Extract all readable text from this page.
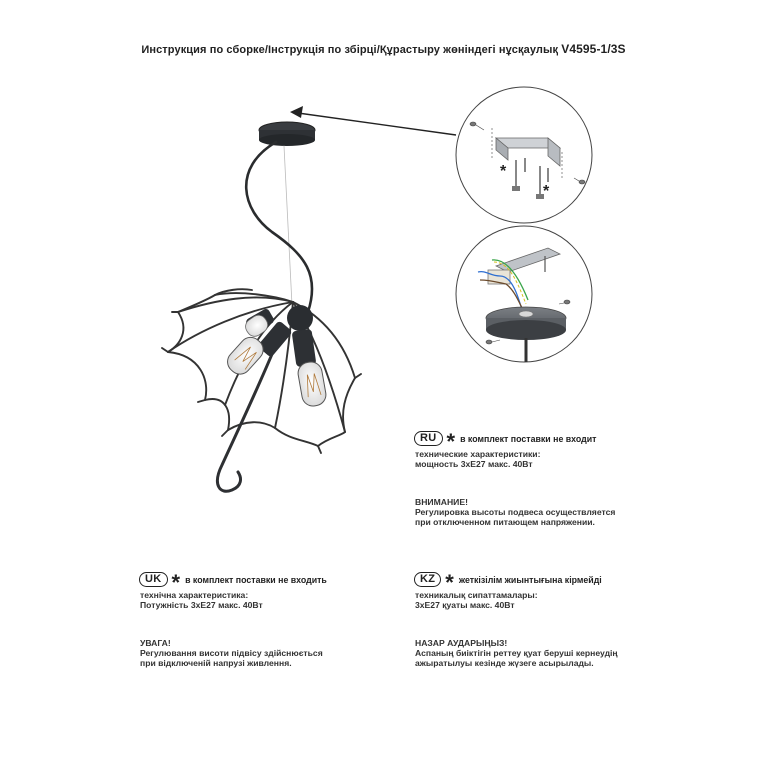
Инструкция по сборке/Інструкція по збірці/Құрастыру жөніндегі нұсқаулық V4595-1/3S
*
*
RU * в комплект поставки не входит
технические характеристики:
мощность 3хЕ27 макс. 40Вт
ВНИМАНИЕ!
Регулировка высоты подвеса осуществляется
при отключенном питающем напряжении.
UK * в комплект поставки не входить
технічна характеристика:
Потужність 3хЕ27 макс. 40Вт
УВАГА!
Регулювання висоти підвісу здійснюється
при відключеній напрузі живлення.
KZ * жеткізілім жиынтығына кірмейді
техникалық сипаттамалары:
3хЕ27 қуаты макс. 40Вт
НАЗАР АУДАРЫҢЫЗ!
Аспаның биіктігін реттеу қуат беруші кернеудің
ажыратылуы кезінде жүзеге асырылады.
